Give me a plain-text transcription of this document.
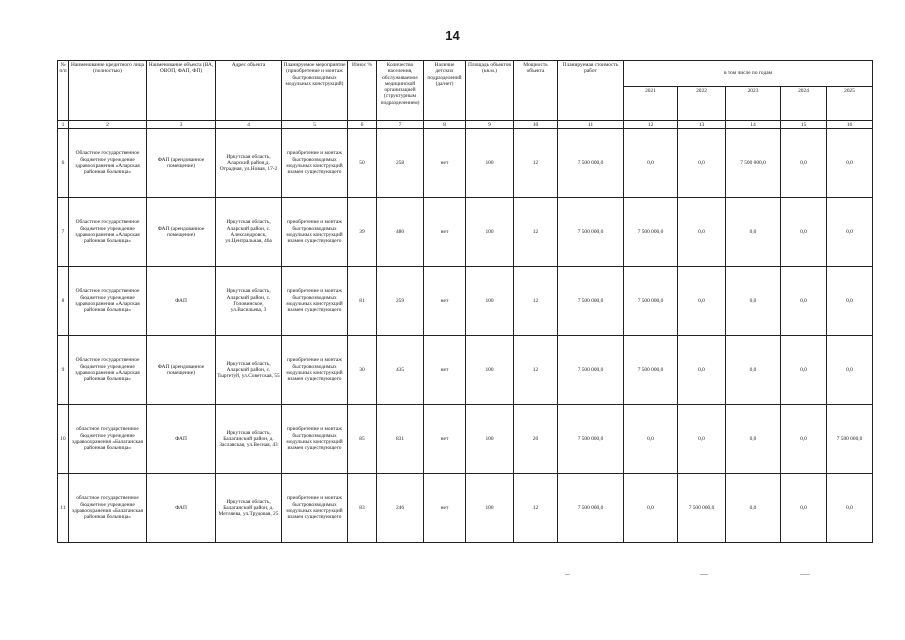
14
№ п/п	Наименование кредитного лица (полностью)	Наименование объекта (ВА, ОВОП, ФАП, ФП)	Адрес объекта	Планируемое мероприятие (приобретение и монтаж быстровозводимых модульных конструкций)	Износ %	Количество населения, обслуживаемое медицинской организацией (структурным подразделением)	Наличие детских подразделений (да/нет)	Площадь объектов (кв.м.)	Мощность объекта	Планируемая стоимость работ	в том числе по годам				
											2021	2022	2023	2024	2025
1	2	3	4	5	6	7	8	9	10	11	12	13	14	15	16
6	Областное государственное бюджетное учреждение здравоохранения «Аларская районная больница»	ФАП (арендованное помещение)	Иркутская область, Аларский район,д. Отрадная, ул.Новая, 17-2	приобретение и монтаж быстровозводимых модульных конструкций взамен существующего	50	258	нет	100	12	7 500 000,0	0,0	0,0	7 500 000,0	0,0	0,0
7	Областное государственное бюджетное учреждение здравоохранения «Аларская районная больница»	ФАП (арендованное помещение)	Иркутская область, Аларский район, с. Александровск, ул.Центральная, 46а	приобретение и монтаж быстровозводимых модульных конструкций взамен существующего	39	480	нет	100	12	7 500 000,0	7 500 000,0	0,0	0,0	0,0	0,0
8	Областное государственное бюджетное учреждение здравоохранения «Аларская районная больница»	ФАП	Иркутская область, Аларский район, с. Головинское, ул.Васильева, 3	приобретение и монтаж быстровозводимых модульных конструкций взамен существующего	81	259	нет	100	12	7 500 000,0	7 500 000,0	0,0	0,0	0,0	0,0
9	Областное государственное бюджетное учреждение здравоохранения «Аларская районная больница»	ФАП (арендованное помещение)	Иркутская область, Аларский район, с. Тыргетуй, ул.Советская, 55	приобретение и монтаж быстровозводимых модульных конструкций взамен существующего	30	435	нет	100	12	7 500 000,0	7 500 000,0	0,0	0,0	0,0	0,0
10	областное государственное бюджетное учреждение здравоохранения «Балаганская районная больница»	ФАП	Иркутская область, Балаганский район, д. Заславская, ул.Весная, 43	приобретение и монтаж быстровозводимых модульных конструкций взамен существующего	85	831	нет	100	20	7 500 000,0	0,0	0,0	0,0	0,0	7 500 000,0
11	областное государственное бюджетное учреждение здравоохранения «Балаганская районная больница»	ФАП	Иркутская область, Балаганский район, д. Метляева, ул.Трудовая, 25	приобретение и монтаж быстровозводимых модульных конструкций взамен существующего	83	246	нет	100	12	7 500 000,0	0,0	7 500 000,0	0,0	0,0	0,0
